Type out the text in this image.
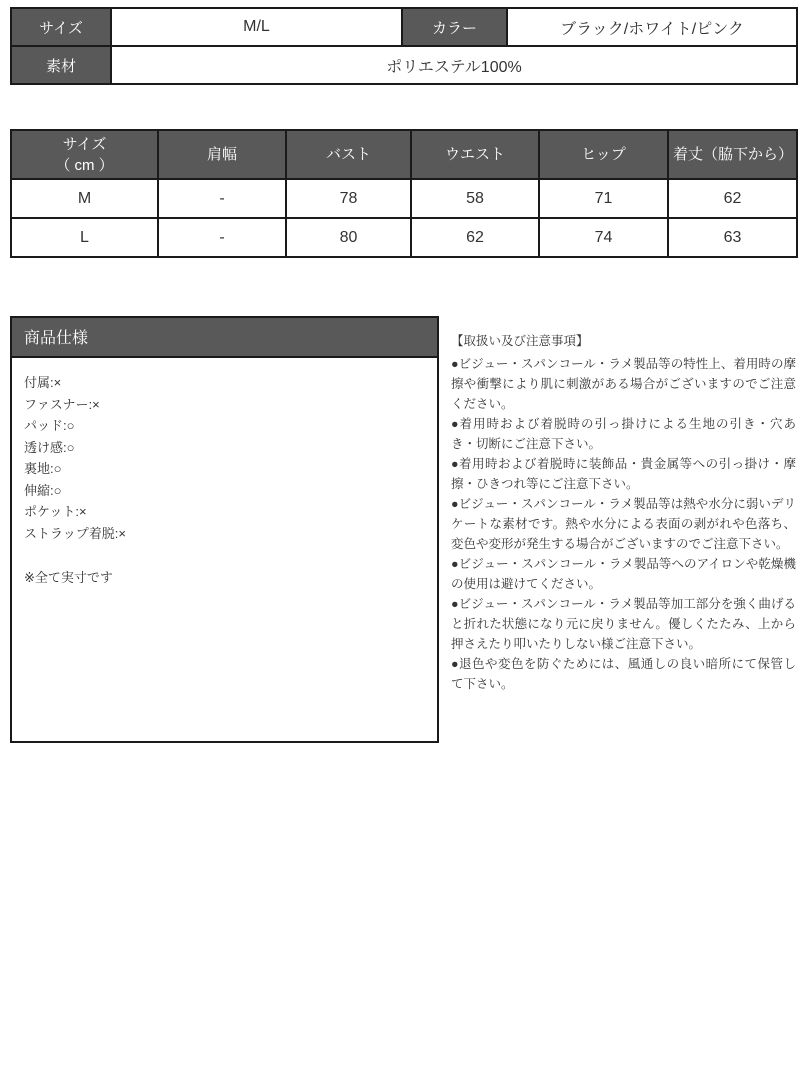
サイズ	M/L	カラー	ブラック/ホワイト/ピンク
素材	ポリエステル100%		
サイズ
（ cm ）	肩幅	バスト	ウエスト	ヒップ	着丈（脇下から）
M	-	78	58	71	62
L	-	80	62	74	63
商品仕様
付属:×
ファスナー:×
パッド:○
透け感:○
裏地:○
伸縮:○
ポケット:×
ストラップ着脱:×
※全て実寸です
【取扱い及び注意事項】

●ビジュー・スパンコール・ラメ製品等の特性上、着用時の摩擦や衝撃により肌に刺激がある場合がございますのでご注意ください。

●着用時および着脱時の引っ掛けによる生地の引き・穴あき・切断にご注意下さい。

●着用時および着脱時に装飾品・貴金属等への引っ掛け・摩擦・ひきつれ等にご注意下さい。

●ビジュー・スパンコール・ラメ製品等は熱や水分に弱いデリケートな素材です。熱や水分による表面の剥がれや色落ち、変色や変形が発生する場合がございますのでご注意下さい。

●ビジュー・スパンコール・ラメ製品等へのアイロンや乾燥機の使用は避けてください。

●ビジュー・スパンコール・ラメ製品等加工部分を強く曲げると折れた状態になり元に戻りません。優しくたたみ、上から押さえたり叩いたりしない様ご注意下さい。

●退色や変色を防ぐためには、風通しの良い暗所にて保管して下さい。
